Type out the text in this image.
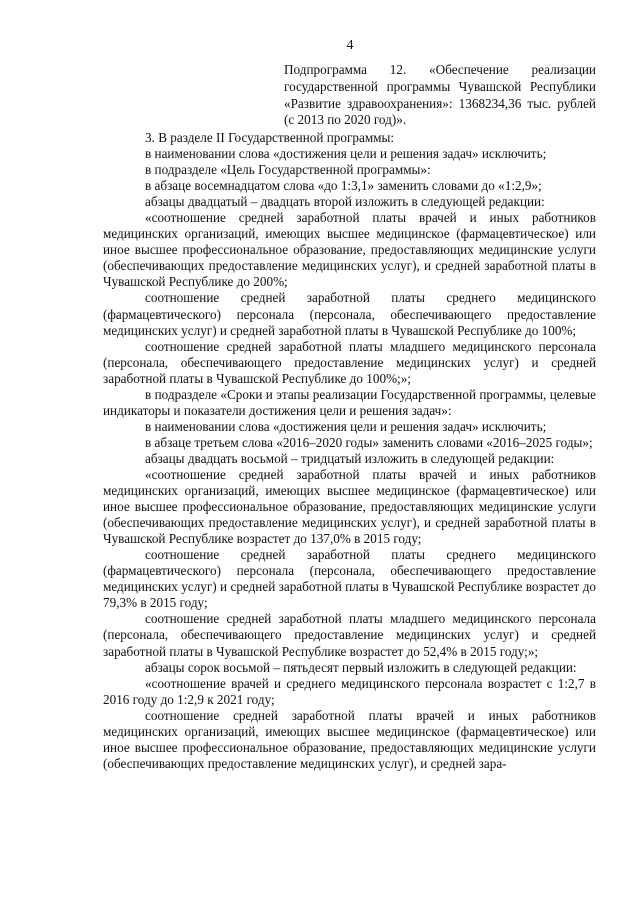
4
Подпрограмма 12. «Обеспечение реализации государственной программы Чувашской Республики «Развитие здравоохранения»: 1368234,36 тыс. рублей (с 2013 по 2020 год)».

3. В разделе II Государственной программы:

в наименовании слова «достижения цели и решения задач» исключить;

в подразделе «Цель Государственной программы»:

в абзаце восемнадцатом слова «до 1:3,1» заменить словами до «1:2,9»;

абзацы двадцатый – двадцать второй изложить в следующей редакции:

«соотношение средней заработной платы врачей и иных работников медицинских организаций, имеющих высшее медицинское (фармацевтическое) или иное высшее профессиональное образование, предоставляющих медицинские услуги (обеспечивающих предоставление медицинских услуг), и средней заработной платы в Чувашской Республике до 200%;

соотношение средней заработной платы среднего медицинского (фармацевтического) персонала (персонала, обеспечивающего предоставление медицинских услуг) и средней заработной платы в Чувашской Республике до 100%;

соотношение средней заработной платы младшего медицинского персонала (персонала, обеспечивающего предоставление медицинских услуг) и средней заработной платы в Чувашской Республике до 100%;»;

в подразделе «Сроки и этапы реализации Государственной программы, целевые индикаторы и показатели достижения цели и решения задач»:

в наименовании слова «достижения цели и решения задач» исключить;

в абзаце третьем слова «2016–2020 годы» заменить словами «2016–2025 годы»;

абзацы двадцать восьмой – тридцатый изложить в следующей редакции:

«соотношение средней заработной платы врачей и иных работников медицинских организаций, имеющих высшее медицинское (фармацевтическое) или иное высшее профессиональное образование, предоставляющих медицинские услуги (обеспечивающих предоставление медицинских услуг), и средней заработной платы в Чувашской Республике возрастет до 137,0% в 2015 году;

соотношение средней заработной платы среднего медицинского (фармацевтического) персонала (персонала, обеспечивающего предоставление медицинских услуг) и средней заработной платы в Чувашской Республике возрастет до 79,3% в 2015 году;

соотношение средней заработной платы младшего медицинского персонала (персонала, обеспечивающего предоставление медицинских услуг) и средней заработной платы в Чувашской Республике возрастет до 52,4% в 2015 году;»;

абзацы сорок восьмой – пятьдесят первый изложить в следующей редакции:

«соотношение врачей и среднего медицинского персонала возрастет с 1:2,7 в 2016 году до 1:2,9 к 2021 году;

соотношение средней заработной платы врачей и иных работников медицинских организаций, имеющих высшее медицинское (фармацевтическое) или иное высшее профессиональное образование, предоставляющих медицинские услуги (обеспечивающих предоставление медицинских услуг), и средней зара-
